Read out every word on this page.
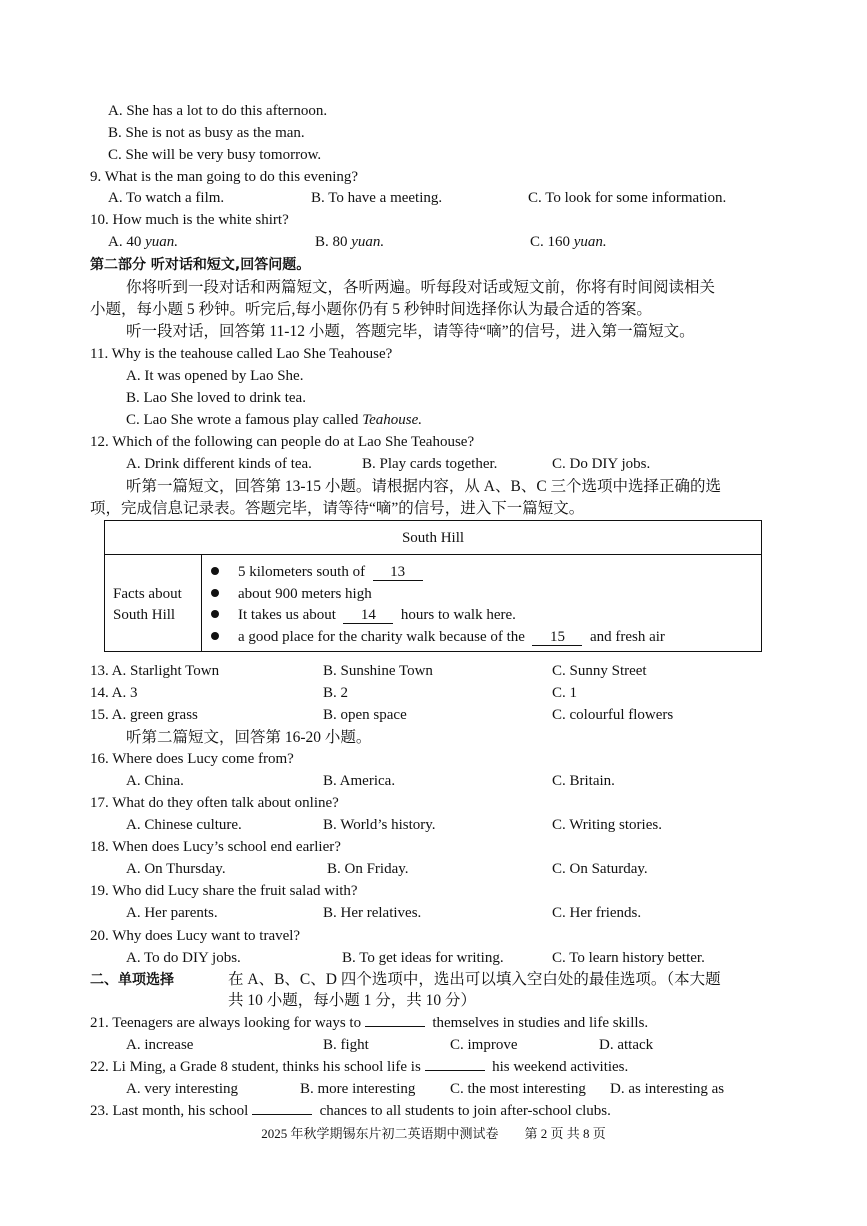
A. She has a lot to do this afternoon.
B. She is not as busy as the man.
C. She will be very busy tomorrow.
9. What is the man going to do this evening?
A. To watch a film.	B. To have a meeting.	C. To look for some information.
10. How much is the white shirt?
A. 40 yuan.	B. 80 yuan.	C. 160 yuan.
第二部分 听对话和短文,回答问题。
你将听到一段对话和两篇短文，各听两遍。听每段对话或短文前，你将有时间阅读相关
小题，每小题 5 秒钟。听完后,每小题你仍有 5 秒钟时间选择你认为最合适的答案。
听一段对话，回答第 11-12 小题，答题完毕，请等待“嘀”的信号，进入第一篇短文。
11. Why is the teahouse called Lao She Teahouse?
A. It was opened by Lao She.
B. Lao She loved to drink tea.
C. Lao She wrote a famous play called Teahouse.
12. Which of the following can people do at Lao She Teahouse?
A. Drink different kinds of tea.	B. Play cards together.	C. Do DIY jobs.
听第一篇短文，回答第 13-15 小题。请根据内容，从 A、B、C 三个选项中选择正确的选
项，完成信息记录表。答题完毕，请等待“嘀”的信号，进入下一篇短文。
South Hill
Facts about
South Hill
5 kilometers south of 13
about 900 meters high
It takes us about 14 hours to walk here.
a good place for the charity walk because of the 15 and fresh air
13. A. Starlight Town	B. Sunshine Town	C. Sunny Street
14. A. 3	B. 2	C. 1
15. A. green grass	B. open space	C. colourful flowers
听第二篇短文，回答第 16-20 小题。
16. Where does Lucy come from?
A. China.	B. America.	C. Britain.
17. What do they often talk about online?
A. Chinese culture.	B. World’s history.	C. Writing stories.
18. When does Lucy’s school end earlier?
A. On Thursday.	B. On Friday.	C. On Saturday.
19. Who did Lucy share the fruit salad with?
A. Her parents.	B. Her relatives.	C. Her friends.
20. Why does Lucy want to travel?
A. To do DIY jobs.	B. To get ideas for writing.	C. To learn history better.
二、单项选择	在 A、B、C、D 四个选项中，选出可以填入空白处的最佳选项。（本大题
共 10 小题，每小题 1 分，共 10 分）
21. Teenagers are always looking for ways to	themselves in studies and life skills.
A. increase	B. fight	C. improve	D. attack
22. Li Ming, a Grade 8 student, thinks his school life is	his weekend activities.
A. very interesting	B. more interesting C. the most interesting D. as interesting as
23. Last month, his school	chances to all students to join after-school clubs.
2025 年秋学期锡东片初二英语期中测试卷　　第 2 页 共 8 页
